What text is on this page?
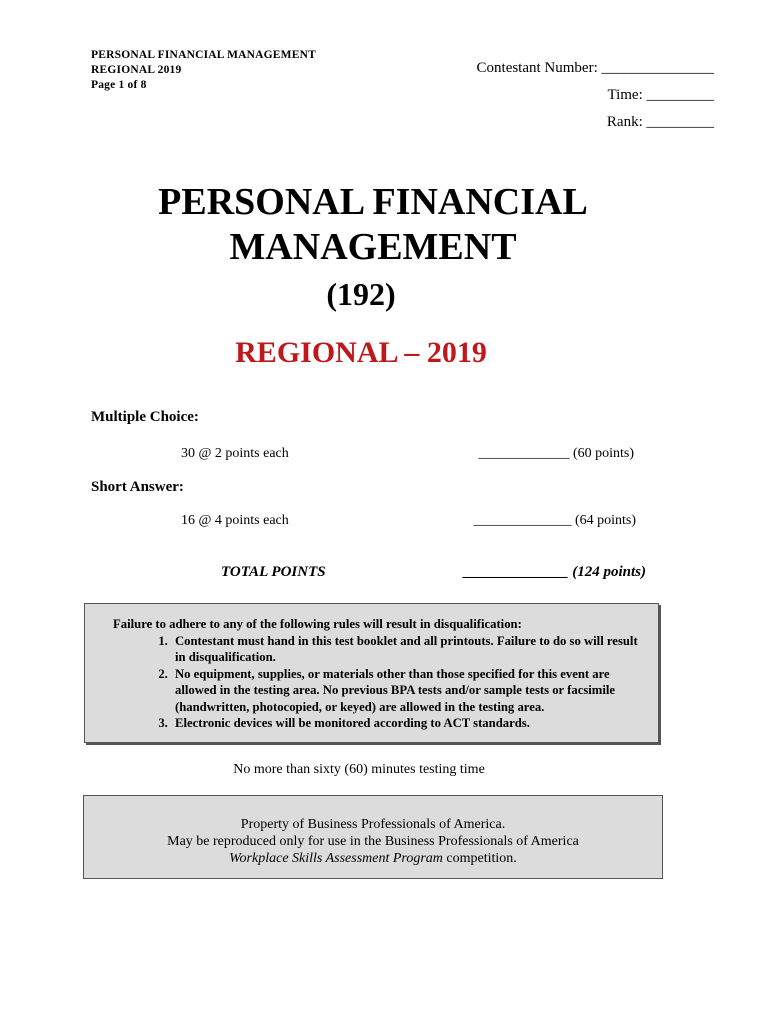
PERSONAL FINANCIAL MANAGEMENT
REGIONAL 2019
Page 1 of 8
Contestant Number: _______________
Time: _________
Rank: _________
PERSONAL FINANCIAL
MANAGEMENT
(192)
REGIONAL – 2019
Multiple Choice:
30 @ 2 points each	_____________ (60 points)
Short Answer:
16 @ 4 points each	______________ (64 points)
TOTAL POINTS	______________ (124 points)
Failure to adhere to any of the following rules will result in disqualification:
1. Contestant must hand in this test booklet and all printouts. Failure to do so will result in disqualification.
2. No equipment, supplies, or materials other than those specified for this event are allowed in the testing area. No previous BPA tests and/or sample tests or facsimile (handwritten, photocopied, or keyed) are allowed in the testing area.
3. Electronic devices will be monitored according to ACT standards.
No more than sixty (60) minutes testing time
Property of Business Professionals of America.
May be reproduced only for use in the Business Professionals of America
Workplace Skills Assessment Program competition.
